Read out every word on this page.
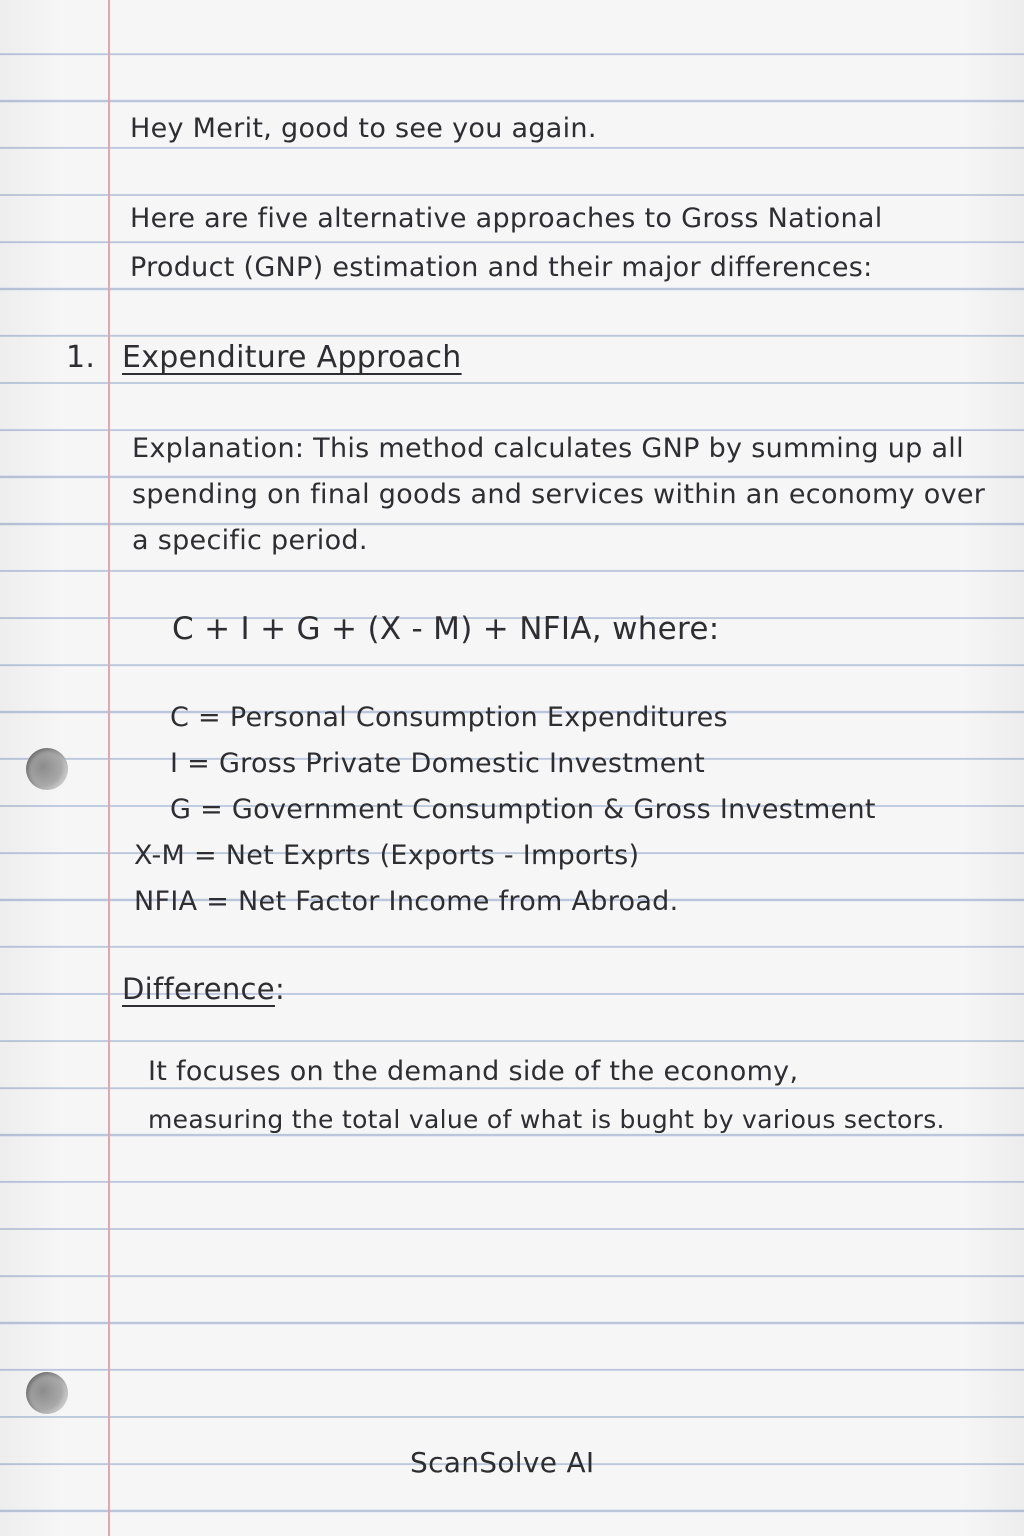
Hey Merit, good to see you again.

Here are five alternative approaches to Gross National

Product (GNP) estimation and their major differences:

1. Expenditure Approach

Explanation: This method calculates GNP by summing up all

spending on final goods and services within an economy over

a specific period.

C + I + G + (X - M) + NFIA, where:

C = Personal Consumption Expenditures

I = Gross Private Domestic Investment

G = Government Consumption & Gross Investment

X-M = Net Exprts (Exports - Imports)

NFIA = Net Factor Income from Abroad.

Difference:

It focuses on the demand side of the economy,

measuring the total value of what is bught by various sectors.

ScanSolve AI
